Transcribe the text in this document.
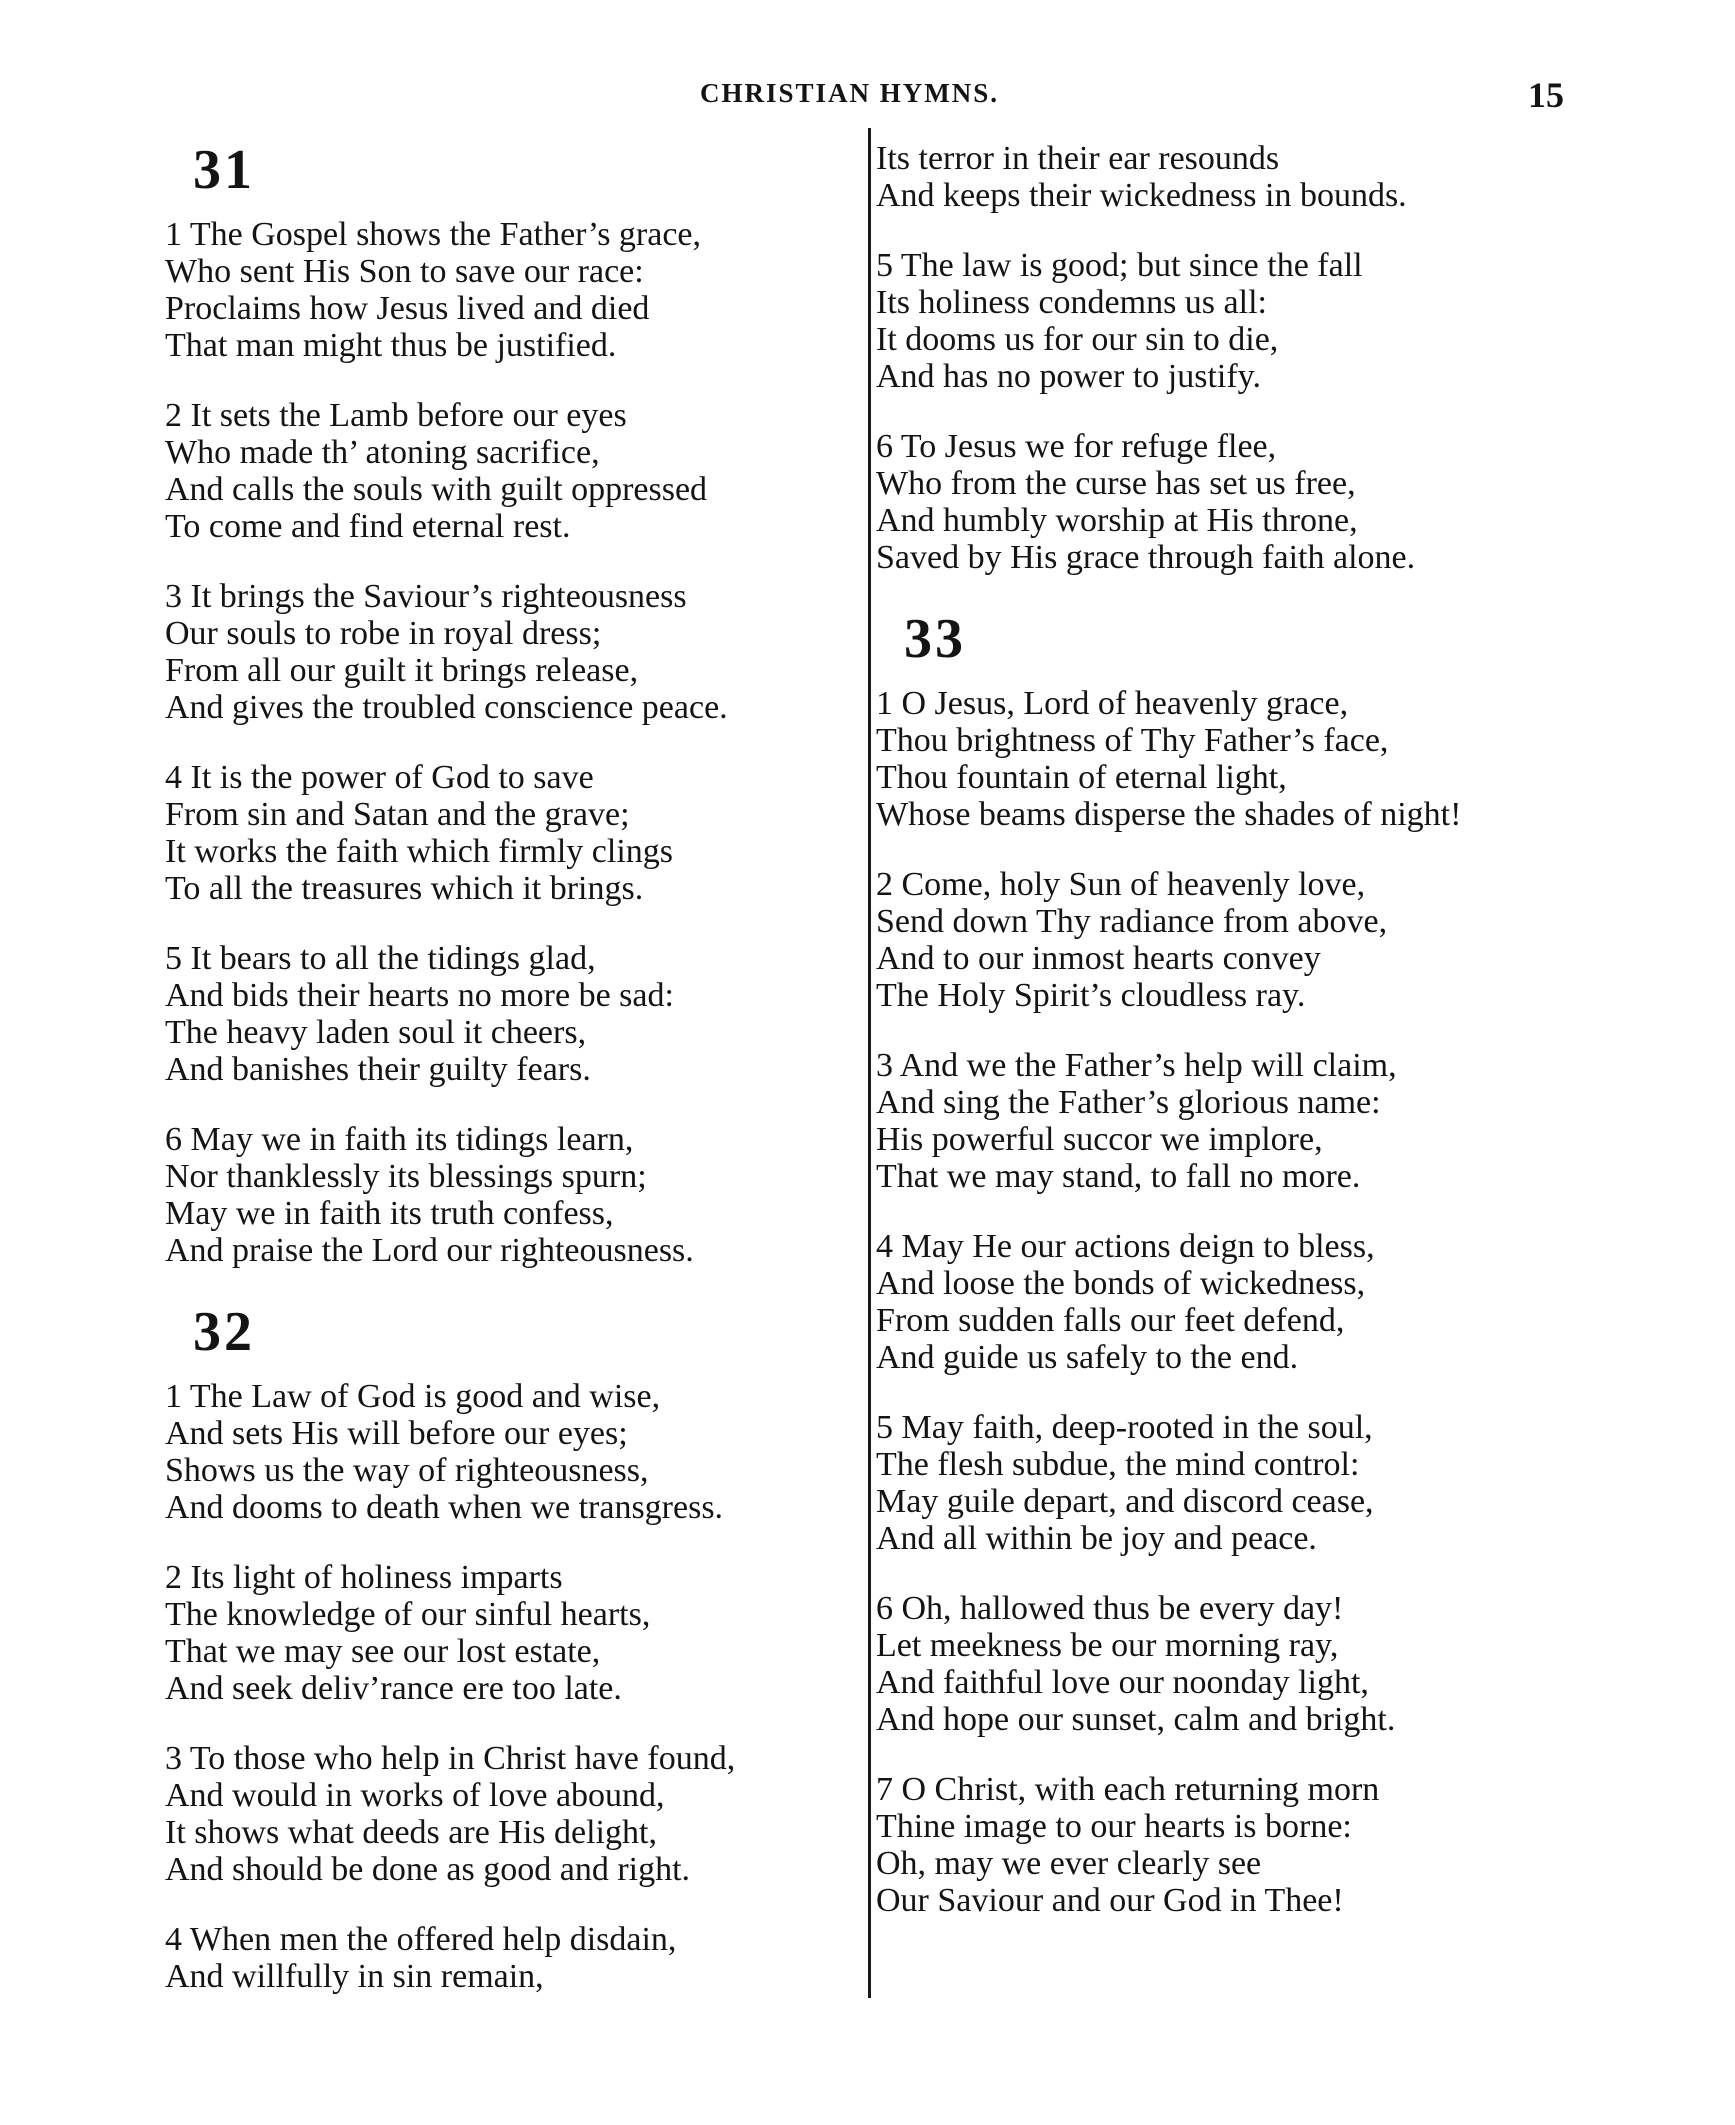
CHRISTIAN HYMNS.	15
31
1 The Gospel shows the Father’s grace,
Who sent His Son to save our race:
Proclaims how Jesus lived and died
That man might thus be justified.
2 It sets the Lamb before our eyes
Who made th’ atoning sacrifice,
And calls the souls with guilt oppressed
To come and find eternal rest.
3 It brings the Saviour’s righteousness
Our souls to robe in royal dress;
From all our guilt it brings release,
And gives the troubled conscience peace.
4 It is the power of God to save
From sin and Satan and the grave;
It works the faith which firmly clings
To all the treasures which it brings.
5 It bears to all the tidings glad,
And bids their hearts no more be sad:
The heavy laden soul it cheers,
And banishes their guilty fears.
6 May we in faith its tidings learn,
Nor thanklessly its blessings spurn;
May we in faith its truth confess,
And praise the Lord our righteousness.
32
1 The Law of God is good and wise,
And sets His will before our eyes;
Shows us the way of righteousness,
And dooms to death when we transgress.
2 Its light of holiness imparts
The knowledge of our sinful hearts,
That we may see our lost estate,
And seek deliv’rance ere too late.
3 To those who help in Christ have found,
And would in works of love abound,
It shows what deeds are His delight,
And should be done as good and right.
4 When men the offered help disdain,
And willfully in sin remain,
Its terror in their ear resounds
And keeps their wickedness in bounds.
5 The law is good; but since the fall
Its holiness condemns us all:
It dooms us for our sin to die,
And has no power to justify.
6 To Jesus we for refuge flee,
Who from the curse has set us free,
And humbly worship at His throne,
Saved by His grace through faith alone.
33
1 O Jesus, Lord of heavenly grace,
Thou brightness of Thy Father’s face,
Thou fountain of eternal light,
Whose beams disperse the shades of night!
2 Come, holy Sun of heavenly love,
Send down Thy radiance from above,
And to our inmost hearts convey
The Holy Spirit’s cloudless ray.
3 And we the Father’s help will claim,
And sing the Father’s glorious name:
His powerful succor we implore,
That we may stand, to fall no more.
4 May He our actions deign to bless,
And loose the bonds of wickedness,
From sudden falls our feet defend,
And guide us safely to the end.
5 May faith, deep-rooted in the soul,
The flesh subdue, the mind control:
May guile depart, and discord cease,
And all within be joy and peace.
6 Oh, hallowed thus be every day!
Let meekness be our morning ray,
And faithful love our noonday light,
And hope our sunset, calm and bright.
7 O Christ, with each returning morn
Thine image to our hearts is borne:
Oh, may we ever clearly see
Our Saviour and our God in Thee!
